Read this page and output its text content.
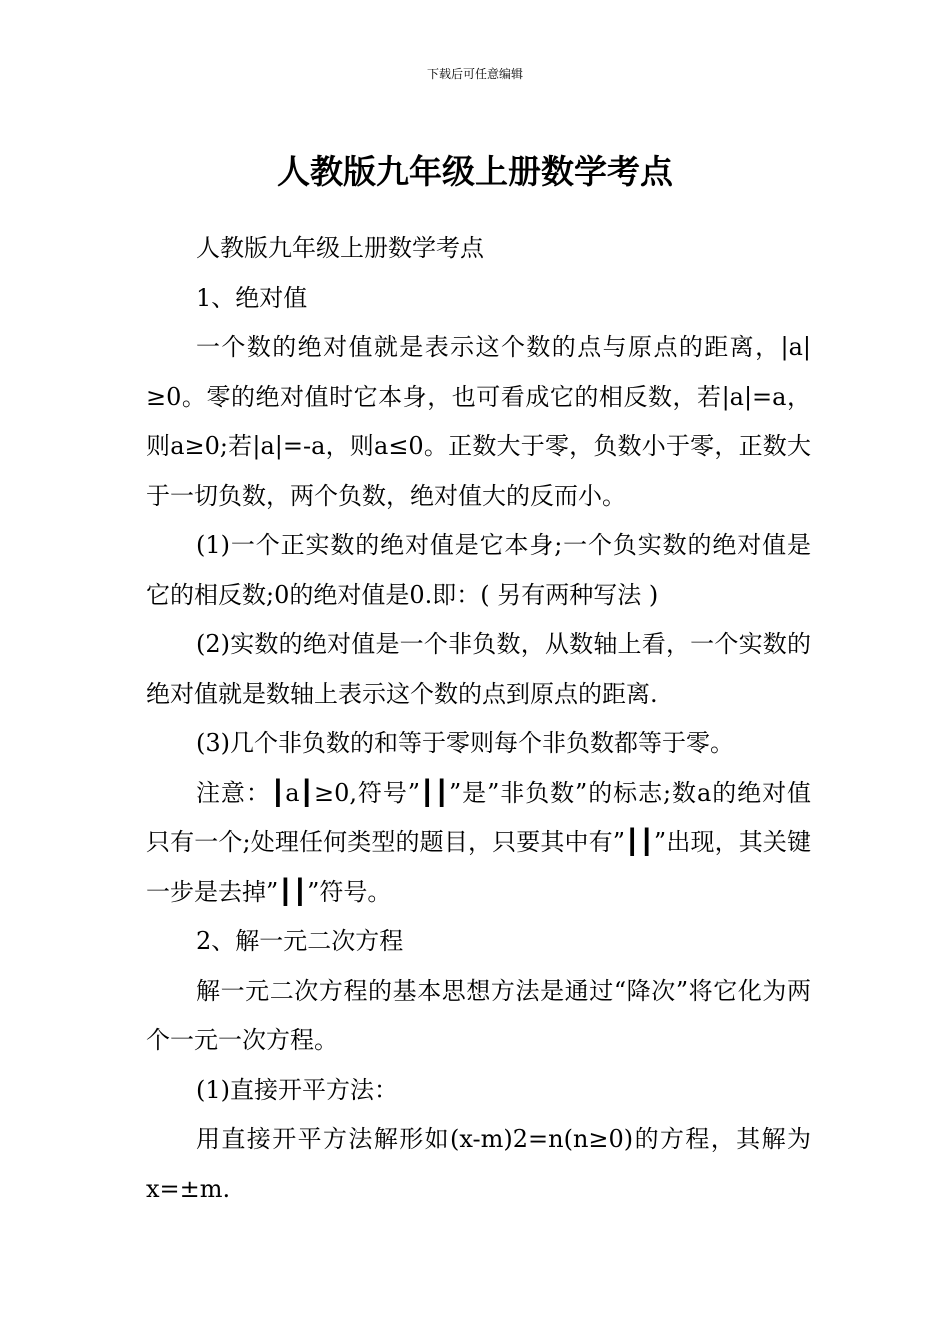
下载后可任意编辑
人教版九年级上册数学考点

人教版九年级上册数学考点

1、绝对值

一个数的绝对值就是表示这个数的点与原点的距离，|a|≥0。零的绝对值时它本身，也可看成它的相反数，若|a|=a，则a≥0;若|a|=-a，则a≤0。正数大于零，负数小于零，正数大于一切负数，两个负数，绝对值大的反而小。

(1)一个正实数的绝对值是它本身;一个负实数的绝对值是它的相反数;0的绝对值是0.即：( 另有两种写法 )

(2)实数的绝对值是一个非负数，从数轴上看，一个实数的绝对值就是数轴上表示这个数的点到原点的距离.

(3)几个非负数的和等于零则每个非负数都等于零。

注意：┃a┃≥0,符号”┃┃”是”非负数”的标志;数a的绝对值只有一个;处理任何类型的题目，只要其中有”┃┃”出现，其关键一步是去掉”┃┃”符号。

2、解一元二次方程

解一元二次方程的基本思想方法是通过“降次”将它化为两个一元一次方程。

(1)直接开平方法：

用直接开平方法解形如(x-m)2=n(n≥0)的方程，其解为x=±m.
